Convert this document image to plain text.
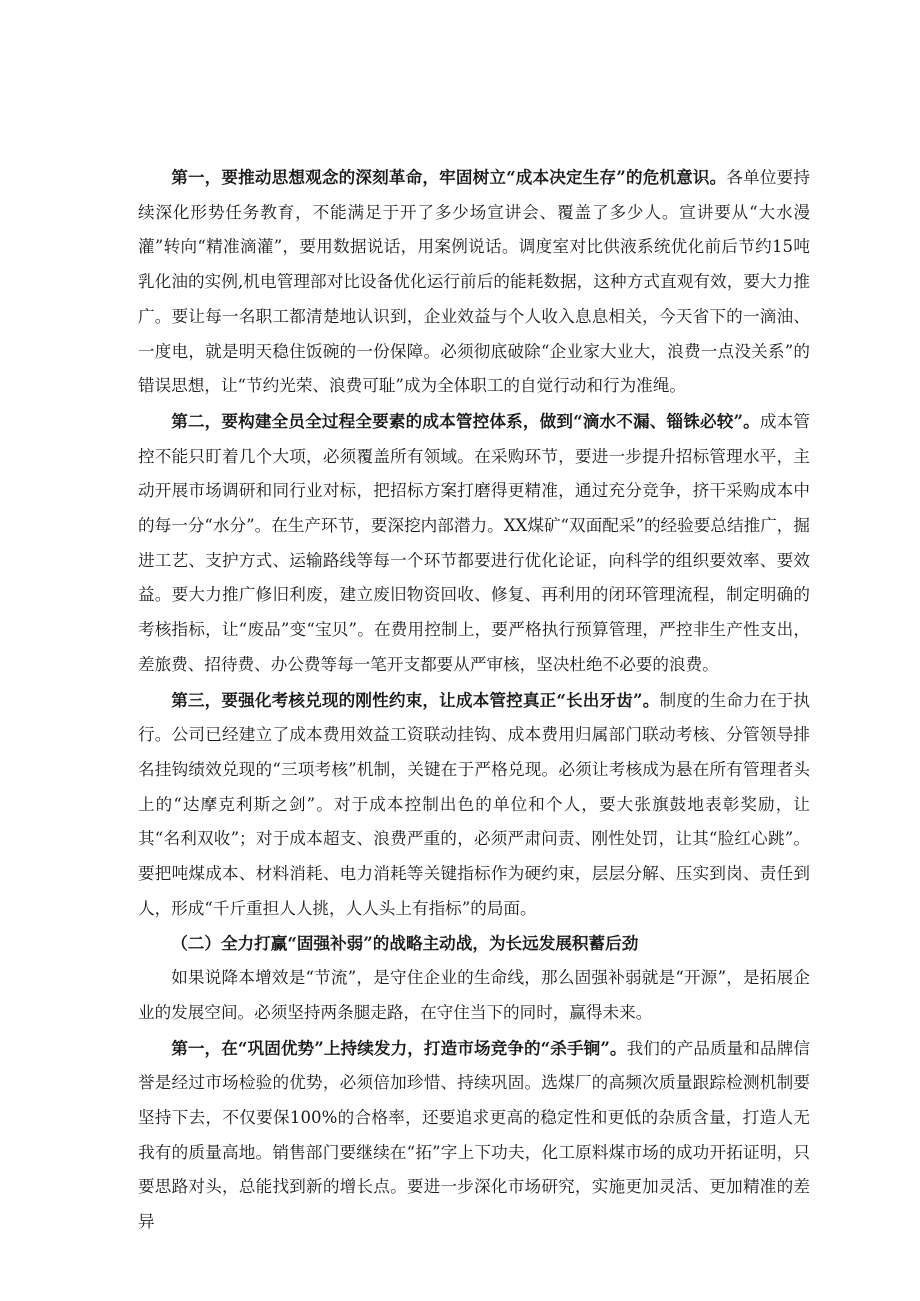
第一，要推动思想观念的深刻革命，牢固树立“成本决定生存”的危机意识。各单位要持续深化形势任务教育，不能满足于开了多少场宣讲会、覆盖了多少人。宣讲要从“大水漫灌”转向“精准滴灌”，要用数据说话，用案例说话。调度室对比供液系统优化前后节约15吨乳化油的实例,机电管理部对比设备优化运行前后的能耗数据，这种方式直观有效，要大力推广。要让每一名职工都清楚地认识到，企业效益与个人收入息息相关，今天省下的一滴油、一度电，就是明天稳住饭碗的一份保障。必须彻底破除“企业家大业大，浪费一点没关系”的错误思想，让“节约光荣、浪费可耻”成为全体职工的自觉行动和行为准绳。

第二，要构建全员全过程全要素的成本管控体系，做到“滴水不漏、锱铢必较”。成本管控不能只盯着几个大项，必须覆盖所有领域。在采购环节，要进一步提升招标管理水平，主动开展市场调研和同行业对标，把招标方案打磨得更精准，通过充分竞争，挤干采购成本中的每一分“水分”。在生产环节，要深挖内部潜力。XX煤矿“双面配采”的经验要总结推广，掘进工艺、支护方式、运输路线等每一个环节都要进行优化论证，向科学的组织要效率、要效益。要大力推广修旧利废，建立废旧物资回收、修复、再利用的闭环管理流程，制定明确的考核指标，让“废品”变“宝贝”。在费用控制上，要严格执行预算管理，严控非生产性支出，差旅费、招待费、办公费等每一笔开支都要从严审核，坚决杜绝不必要的浪费。

第三，要强化考核兑现的刚性约束，让成本管控真正“长出牙齿”。制度的生命力在于执行。公司已经建立了成本费用效益工资联动挂钩、成本费用归属部门联动考核、分管领导排名挂钩绩效兑现的“三项考核”机制，关键在于严格兑现。必须让考核成为悬在所有管理者头上的“达摩克利斯之剑”。对于成本控制出色的单位和个人，要大张旗鼓地表彰奖励，让其“名利双收”；对于成本超支、浪费严重的，必须严肃问责、刚性处罚，让其“脸红心跳”。要把吨煤成本、材料消耗、电力消耗等关键指标作为硬约束，层层分解、压实到岗、责任到人，形成“千斤重担人人挑，人人头上有指标”的局面。

（二）全力打赢“固强补弱”的战略主动战，为长远发展积蓄后劲

如果说降本增效是“节流”，是守住企业的生命线，那么固强补弱就是“开源”，是拓展企业的发展空间。必须坚持两条腿走路，在守住当下的同时，赢得未来。

第一，在“巩固优势”上持续发力，打造市场竞争的“杀手锏”。我们的产品质量和品牌信誉是经过市场检验的优势，必须倍加珍惜、持续巩固。选煤厂的高频次质量跟踪检测机制要坚持下去，不仅要保100%的合格率，还要追求更高的稳定性和更低的杂质含量，打造人无我有的质量高地。销售部门要继续在“拓”字上下功夫，化工原料煤市场的成功开拓证明，只要思路对头，总能找到新的增长点。要进一步深化市场研究，实施更加灵活、更加精准的差异
